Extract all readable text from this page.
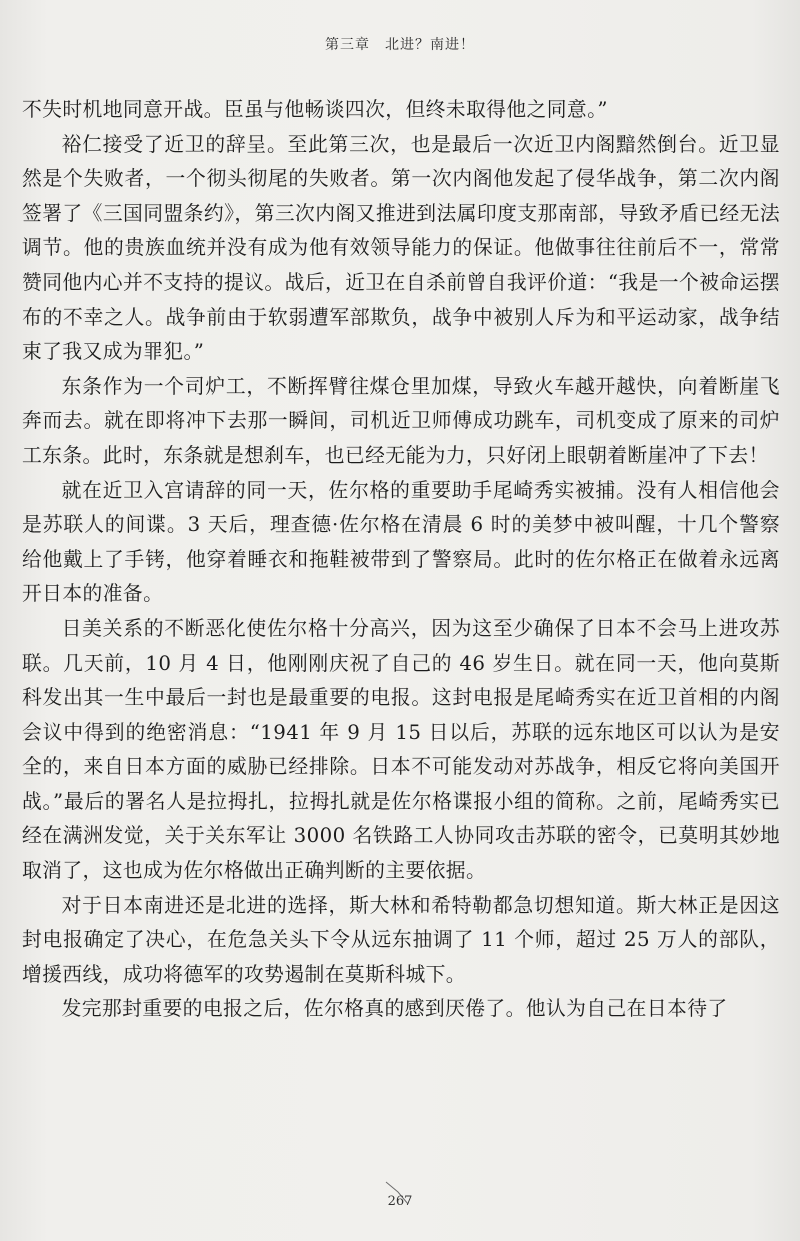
第三章　北进？南进！

不失时机地同意开战。臣虽与他畅谈四次，但终未取得他之同意。”

裕仁接受了近卫的辞呈。至此第三次，也是最后一次近卫内阁黯然倒台。近卫显然是个失败者，一个彻头彻尾的失败者。第一次内阁他发起了侵华战争，第二次内阁签署了《三国同盟条约》，第三次内阁又推进到法属印度支那南部，导致矛盾已经无法调节。他的贵族血统并没有成为他有效领导能力的保证。他做事往往前后不一，常常赞同他内心并不支持的提议。战后，近卫在自杀前曾自我评价道：“我是一个被命运摆布的不幸之人。战争前由于软弱遭军部欺负，战争中被别人斥为和平运动家，战争结束了我又成为罪犯。”

东条作为一个司炉工，不断挥臂往煤仓里加煤，导致火车越开越快，向着断崖飞奔而去。就在即将冲下去那一瞬间，司机近卫师傅成功跳车，司机变成了原来的司炉工东条。此时，东条就是想刹车，也已经无能为力，只好闭上眼朝着断崖冲了下去！

就在近卫入宫请辞的同一天，佐尔格的重要助手尾崎秀实被捕。没有人相信他会是苏联人的间谍。3 天后，理查德·佐尔格在清晨 6 时的美梦中被叫醒，十几个警察给他戴上了手铐，他穿着睡衣和拖鞋被带到了警察局。此时的佐尔格正在做着永远离开日本的准备。

日美关系的不断恶化使佐尔格十分高兴，因为这至少确保了日本不会马上进攻苏联。几天前，10 月 4 日，他刚刚庆祝了自己的 46 岁生日。就在同一天，他向莫斯科发出其一生中最后一封也是最重要的电报。这封电报是尾崎秀实在近卫首相的内阁会议中得到的绝密消息：“1941 年 9 月 15 日以后，苏联的远东地区可以认为是安全的，来自日本方面的威胁已经排除。日本不可能发动对苏战争，相反它将向美国开战。”最后的署名人是拉拇扎，拉拇扎就是佐尔格谍报小组的简称。之前，尾崎秀实已经在满洲发觉，关于关东军让 3000 名铁路工人协同攻击苏联的密令，已莫明其妙地取消了，这也成为佐尔格做出正确判断的主要依据。

对于日本南进还是北进的选择，斯大林和希特勒都急切想知道。斯大林正是因这封电报确定了决心，在危急关头下令从远东抽调了 11 个师，超过 25 万人的部队，增援西线，成功将德军的攻势遏制在莫斯科城下。

发完那封重要的电报之后，佐尔格真的感到厌倦了。他认为自己在日本待了

267
